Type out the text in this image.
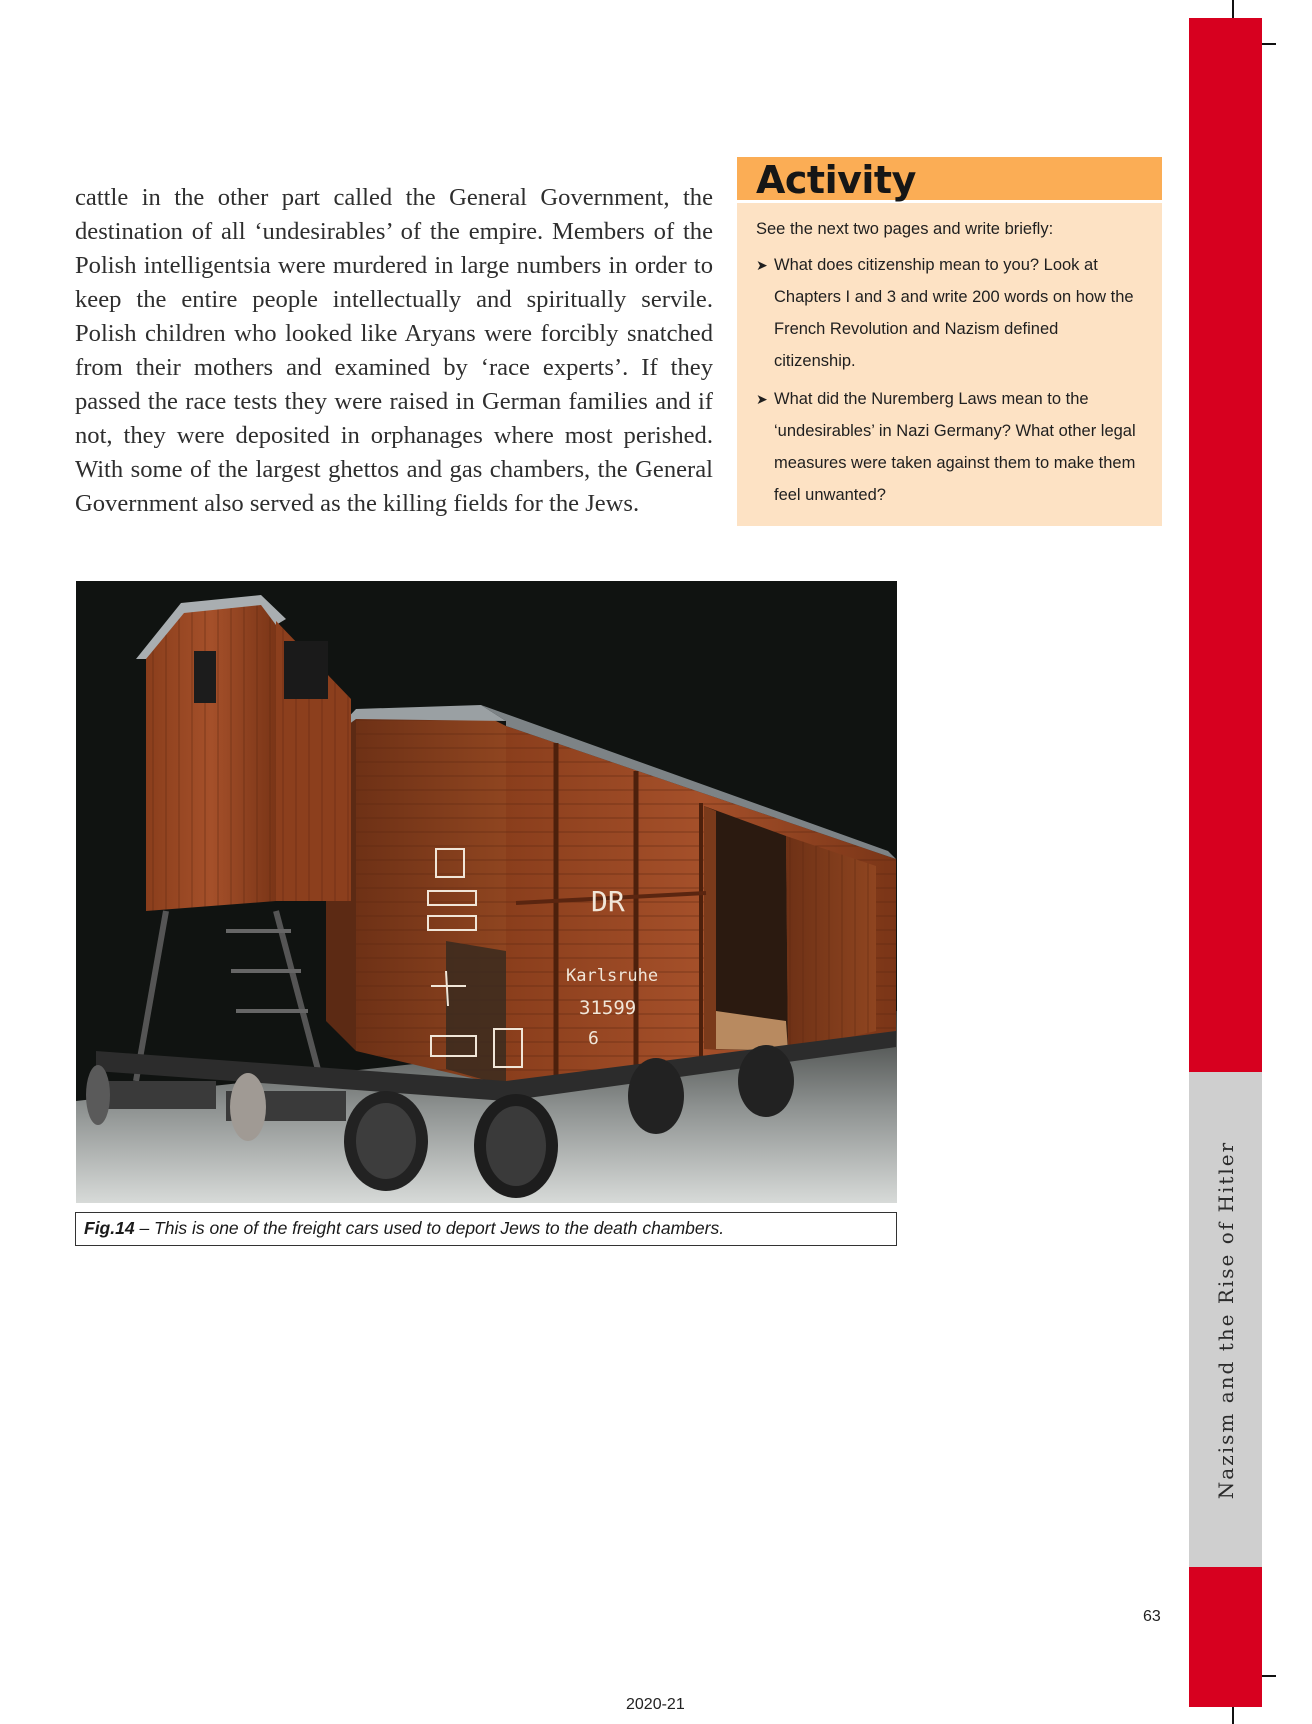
Nazism and the Rise of Hitler

cattle in the other part called the General Government, the destination of all ‘undesirables’ of the empire. Members of the Polish intelligentsia were murdered in large numbers in order to keep the entire people intellectually and spiritually servile. Polish children who looked like Aryans were forcibly snatched from their mothers and examined by ‘race experts’. If they passed the race tests they were raised in German families and if not, they were deposited in orphanages where most perished. With some of the largest ghettos and gas chambers, the General Government also served as the killing fields for the Jews.

Activity

See the next two pages and write briefly:

➤ What does citizenship mean to you? Look at Chapters I and 3 and write 200 words on how the French Revolution and Nazism defined citizenship.
➤ What did the Nuremberg Laws mean to the ‘undesirables’ in Nazi Germany? What other legal measures were taken against them to make them feel unwanted?
DR
Karlsruhe
31599
6
Fig.14 – This is one of the freight cars used to deport Jews to the death chambers.
63
2020-21
